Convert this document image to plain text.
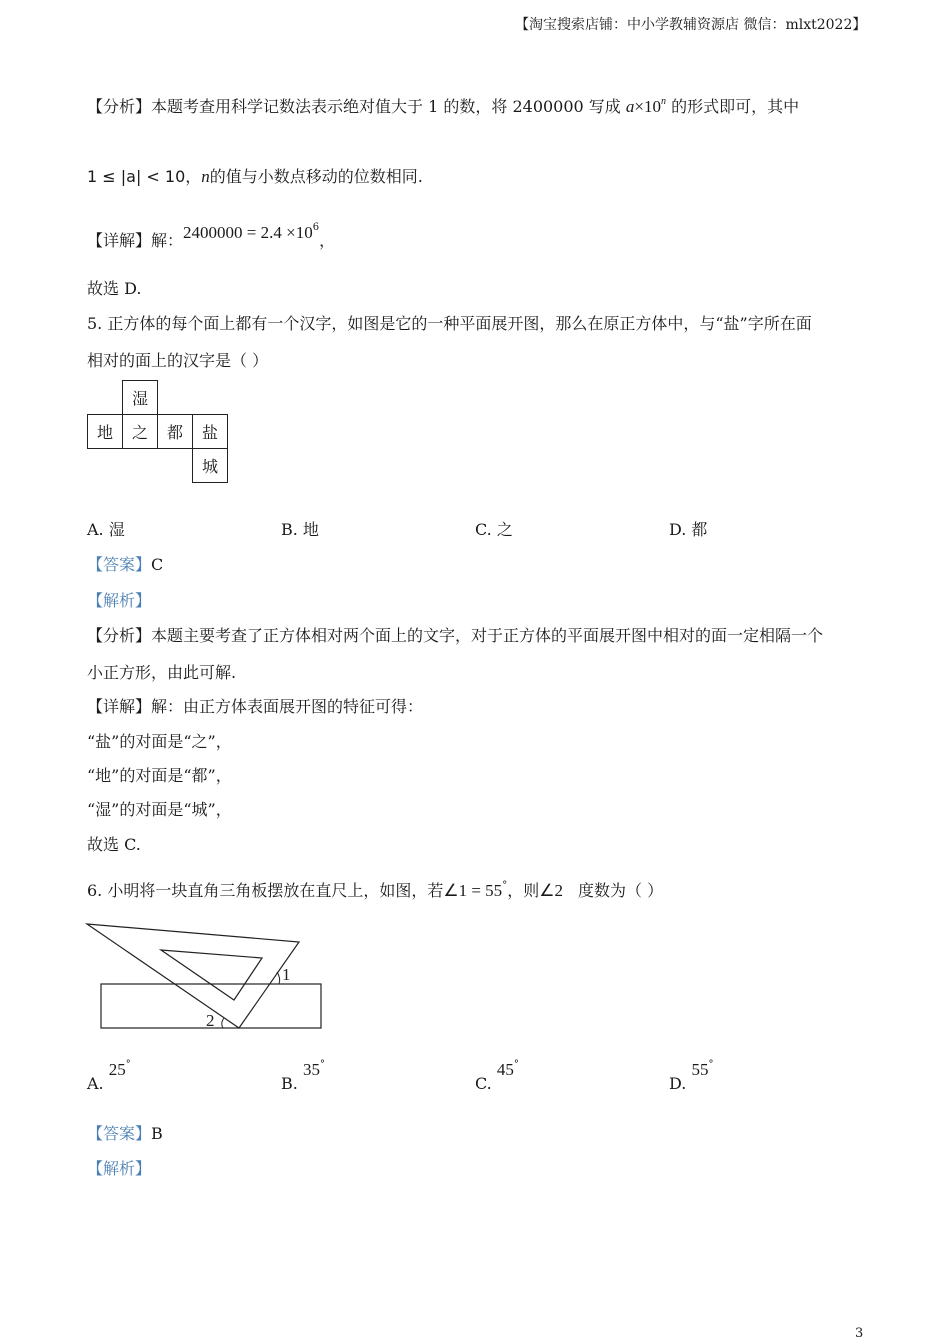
【淘宝搜索店铺：中小学教辅资源店 微信：mlxt2022】
【分析】本题考查用科学记数法表示绝对值大于 1 的数，将 2400000 写成 $a\times 10^n$ 的形式即可，其中
1 ≤ |a| < 10，n的值与小数点移动的位数相同.
【详解】解：$2400000 = 2.4 \times 10^6$，
故选 D.
5. 正方体的每个面上都有一个汉字，如图是它的一种平面展开图，那么在原正方体中，与“盐”字所在面
相对的面上的汉字是（ ）
	湿		
地	之	都	盐
			城
A. 湿	B. 地	C. 之	D. 都
【答案】C
【解析】
【分析】本题主要考查了正方体相对两个面上的文字，对于正方体的平面展开图中相对的面一定相隔一个
小正方形，由此可解.
【详解】解：由正方体表面展开图的特征可得：
“盐”的对面是“之”，
“地”的对面是“都”，
“湿”的对面是“城”，
故选 C.
6. 小明将一块直角三角板摆放在直尺上，如图，若∠1 = 55°，则∠2 度数为（ ）
1
2
A. 25°
B. 35°
C. 45°
D. 55°
【答案】B
【解析】
3
